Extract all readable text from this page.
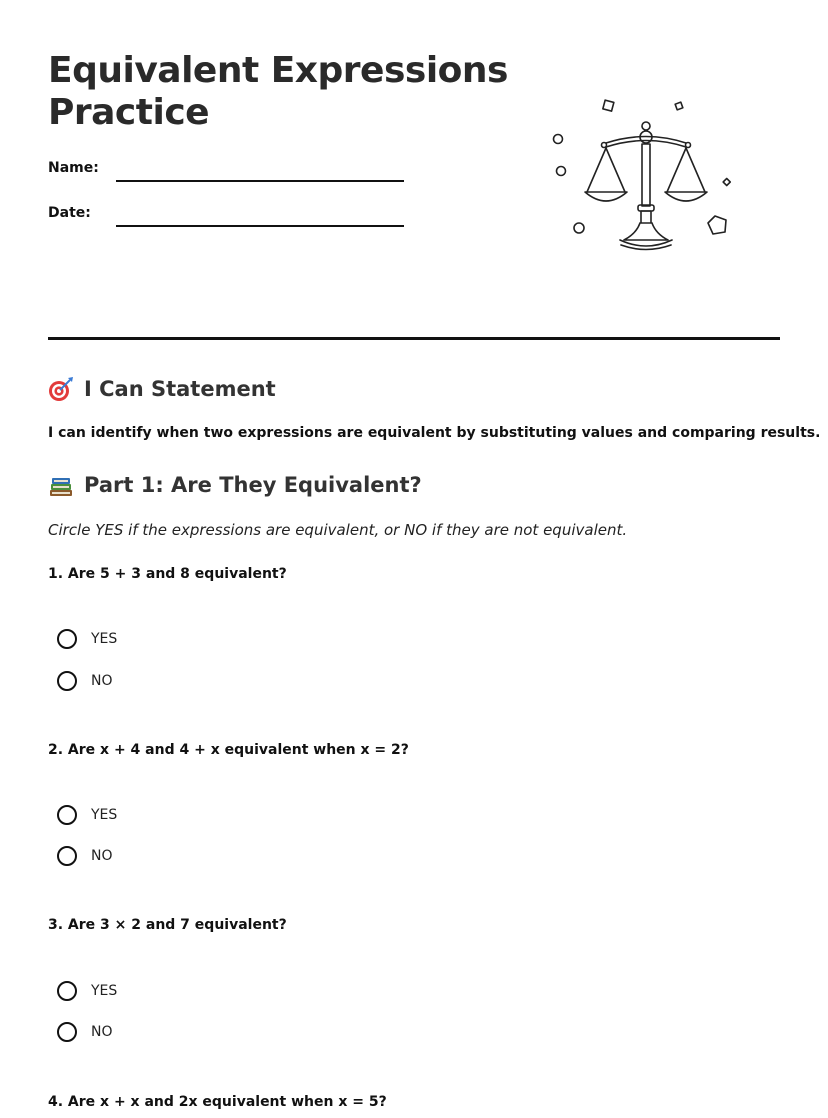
Equivalent Expressions Practice
Name:
Date:
I Can Statement
I can identify when two expressions are equivalent by substituting values and comparing results.
Part 1: Are They Equivalent?
Circle YES if the expressions are equivalent, or NO if they are not equivalent.
1. Are 5 + 3 and 8 equivalent?
YES
NO
2. Are x + 4 and 4 + x equivalent when x = 2?
YES
NO
3. Are 3 × 2 and 7 equivalent?
YES
NO
4. Are x + x and 2x equivalent when x = 5?
